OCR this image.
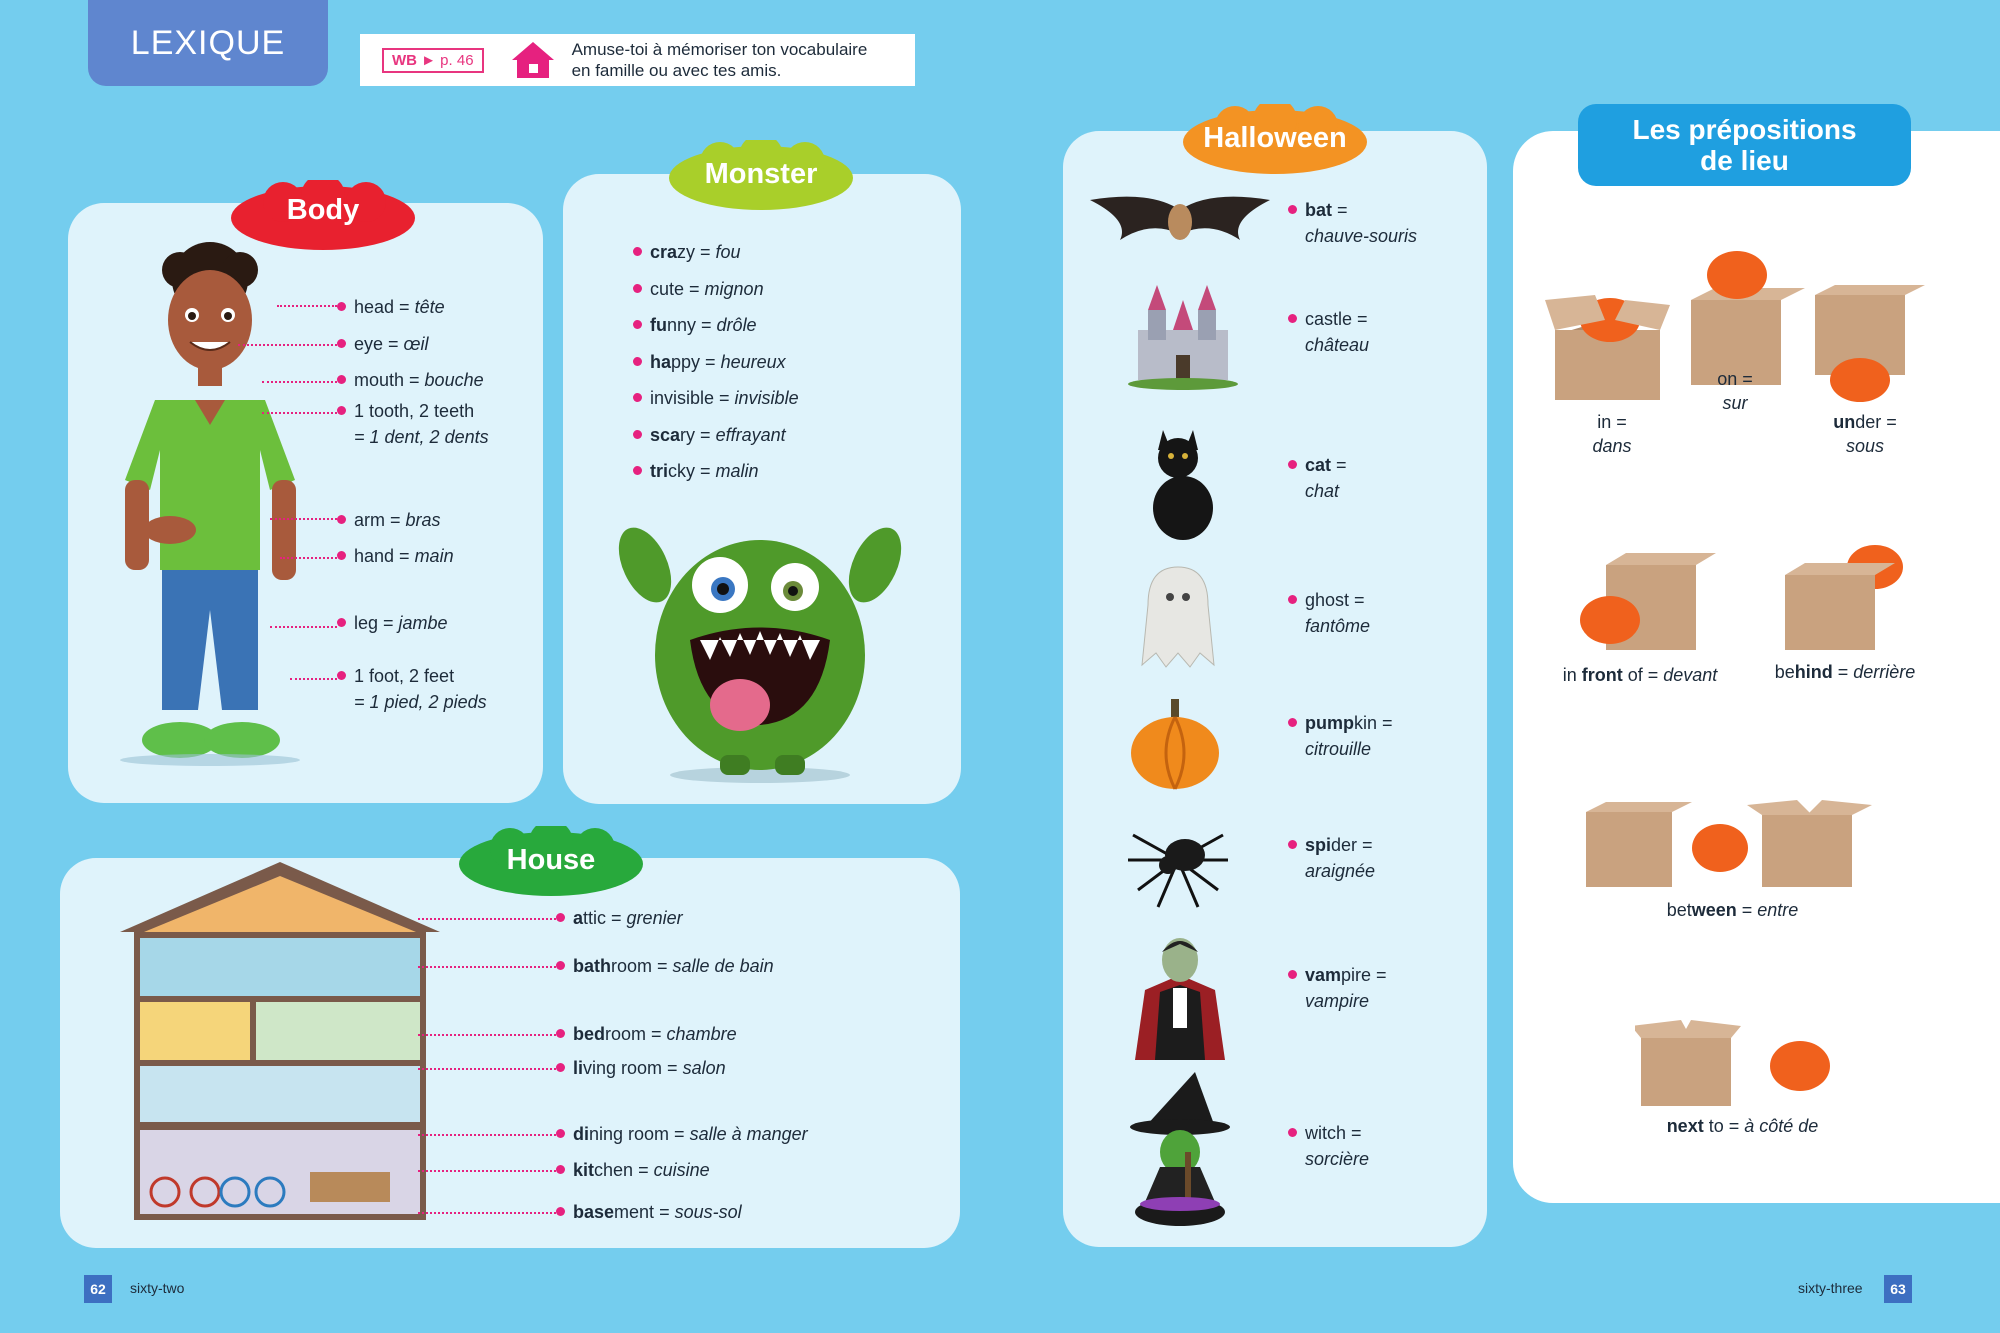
LEXIQUE	WB ► p. 46
Amuse-toi à mémoriser ton vocabulaire
en famille ou avec tes amis.
Body
head = tête
eye = œil
mouth = bouche
1 tooth, 2 teeth
= 1 dent, 2 dents
arm = bras
hand = main
leg = jambe
1 foot, 2 feet
= 1 pied, 2 pieds
Monster
crazy = fou
cute = mignon
funny = drôle
happy = heureux
invisible = invisible
scary = effrayant
tricky = malin
House
attic = grenier
bathroom = salle de bain
bedroom = chambre
living room = salon
dining room = salle à manger
kitchen = cuisine
basement = sous-sol
Halloween
bat =
chauve-souris
castle =
château
cat =
chat
ghost =
fantôme
pumpkin =
citrouille
spider =
araignée
vampire =
vampire
witch =
sorcière
Les prépositions
de lieu
in =
dans
on =
sur
under =
sous
in front of = devant	behind = derrière
between = entre
next to = à côté de
62	sixty-two	sixty-three	63
